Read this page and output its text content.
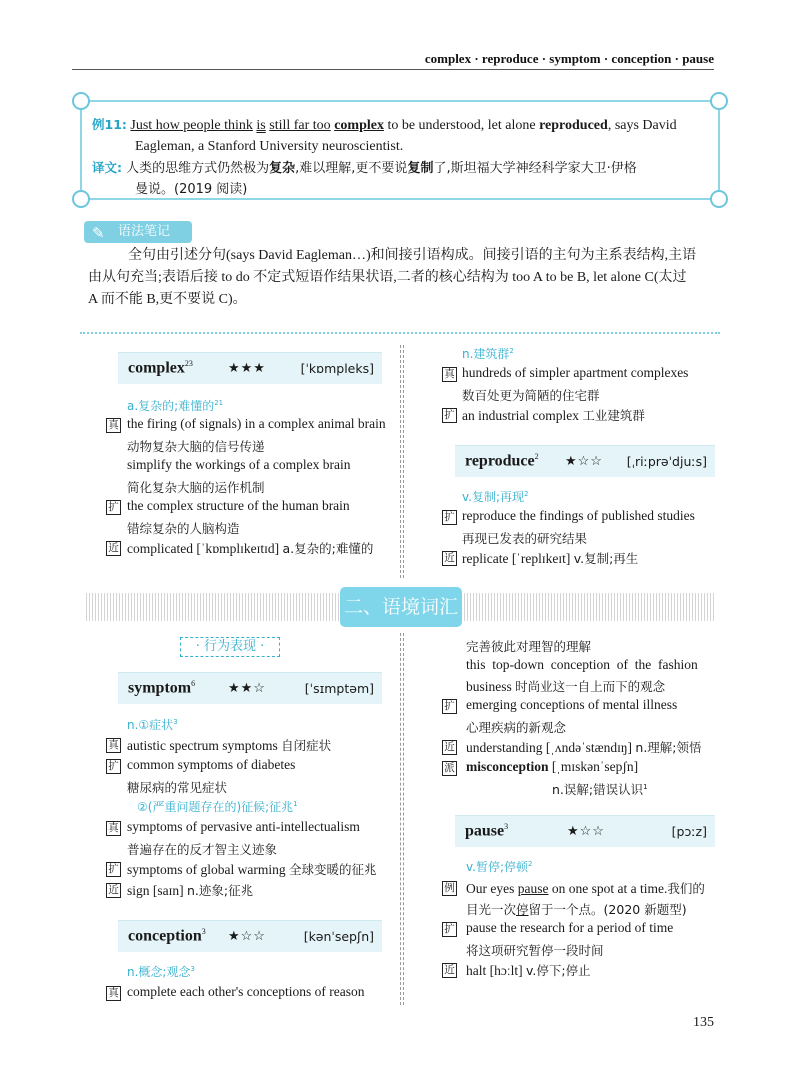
complex · reproduce · symptom · conception · pause
例11: Just how people think is still far too complex to be understood, let alone reproduced, says David
Eagleman, a Stanford University neuroscientist.
译文: 人类的思维方式仍然极为复杂,难以理解,更不要说复制了,斯坦福大学神经科学家大卫·伊格
曼说。(2019 阅读)
✎ 语法笔记
全句由引述分句(says David Eagleman…)和间接引语构成。间接引语的主句为主系表结构,主语
由从句充当;表语后接 to do 不定式短语作结果状语,二者的核心结构为 too A to be B, let alone C(太过
A 而不能 B,更不要说 C)。
complex$^{23}$	★★★	[ˈkɒmpleks]
a.复杂的;难懂的$^{21}$
真 the firing (of signals) in a complex animal brain
动物复杂大脑的信号传递
simplify the workings of a complex brain
简化复杂大脑的运作机制
扩 the complex structure of the human brain
错综复杂的人脑构造
近 complicated [ˈkɒmplɪkeɪtɪd] a.复杂的;难懂的
n.建筑群$^2$
真 hundreds of simpler apartment complexes
数百处更为简陋的住宅群
扩 an industrial complex 工业建筑群
reproduce$^2$ ★☆☆ [ˌriːprəˈdjuːs]
v.复制;再现$^2$
扩 reproduce the findings of published studies
再现已发表的研究结果
近 replicate [ˈreplɪkeɪt] v.复制;再生
二、语境词汇
· 行为表现 ·
symptom$^6$	★★☆	[ˈsɪmptəm]
n.①症状$^3$
真 autistic spectrum symptoms 自闭症状
扩 common symptoms of diabetes
糖尿病的常见症状
②(严重问题存在的)征候;征兆$^1$
真 symptoms of pervasive anti-intellectualism
普遍存在的反才智主义迹象
扩 symptoms of global warming 全球变暖的征兆
近 sign [saɪn] n.迹象;征兆
conception$^3$ ★☆☆	[kənˈsepʃn]
n.概念;观念$^3$
真 complete each other's conceptions of reason
完善彼此对理智的理解
this  top-down  conception  of  the  fashion
business 时尚业这一自上而下的观念
扩 emerging conceptions of mental illness
心理疾病的新观念
近 understanding [ˌʌndəˈstændɪŋ] n.理解;领悟
派 misconception [ˌmɪskənˈsepʃn]
n.误解;错误认识$^1$
pause$^3$	★☆☆	[pɔːz]
v.暂停;停顿$^2$
例 Our eyes pause on one spot at a time.我们的
目光一次停留于一个点。(2020 新题型)
扩 pause the research for a period of time
将这项研究暂停一段时间
近 halt [hɔːlt] v.停下;停止
135
